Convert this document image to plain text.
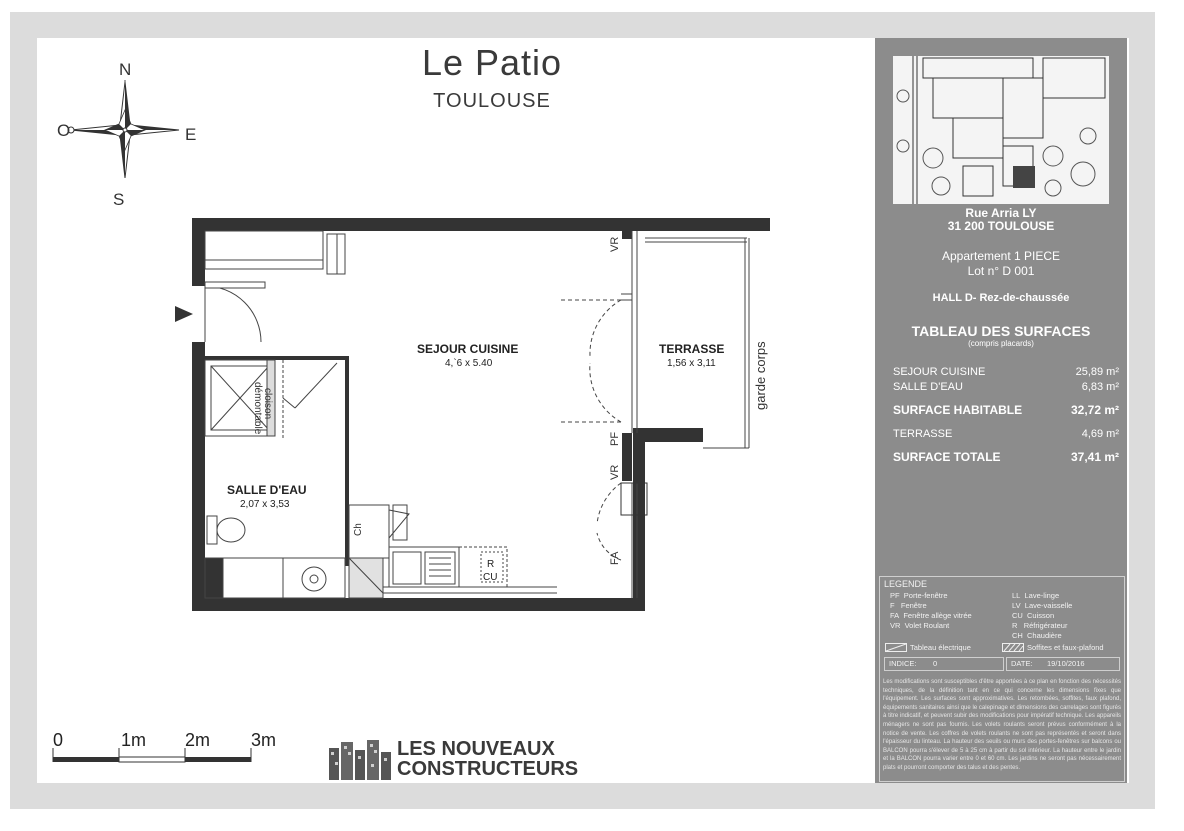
Le Patio
TOULOUSE
N
S
O	E
SEJOUR CUISINE
4,`6 x 5.40
TERRASSE
1,56 x 3,11
SALLE D'EAU
2,07 x 3,53
cloison
démontable	garde corps
VR
PF
VR
FA
Ch
R
CU
0	1m 2m 3m	LES NOUVEAUX
CONSTRUCTEURS
Rue Arria LY
31 200 TOULOUSE
Appartement 1 PIECE
Lot n° D 001
HALL D- Rez-de-chaussée
TABLEAU DES SURFACES
(compris placards)
SEJOUR CUISINE	25,89 m²
SALLE D'EAU	6,83 m²
SURFACE HABITABLE	32,72 m²
TERRASSE	4,69 m²
SURFACE TOTALE	37,41 m²
LEGENDE
PF Porte-fenêtre
F Fenêtre
FA Fenêtre allège vitrée
VR Volet Roulant
LL Lave-linge
LV Lave-vaisselle
CU Cuisson
R Réfrigérateur
CH Chaudière
Tableau électrique	Soffites et faux-plafond
INDICE: 0	DATE: 19/10/2016
Les modifications sont susceptibles d'être apportées à ce plan en fonction des nécessités techniques, de la définition tant en ce qui concerne les dimensions fixes que l'équipement. Les surfaces sont approximatives. Les retombées, soffites, faux plafond, équipements sanitaires ainsi que le calepinage et dimensions des carrelages sont figurés à titre indicatif, et peuvent subir des modifications pour impératif technique. Les appareils ménagers ne sont pas fournis. Les volets roulants seront prévus conformément à la notice de vente. Les coffres de volets roulants ne sont pas représentés et seront dans l'épaisseur du linteau. La hauteur des seuils ou murs des portes-fenêtres sur balcons ou BALCON pourra s'élever de 5 à 25 cm à partir du sol intérieur. La hauteur entre le jardin et la BALCON pourra varier entre 0 et 60 cm. Les jardins ne seront pas nécessairement plats et pourront comporter des talus et des pentes.
